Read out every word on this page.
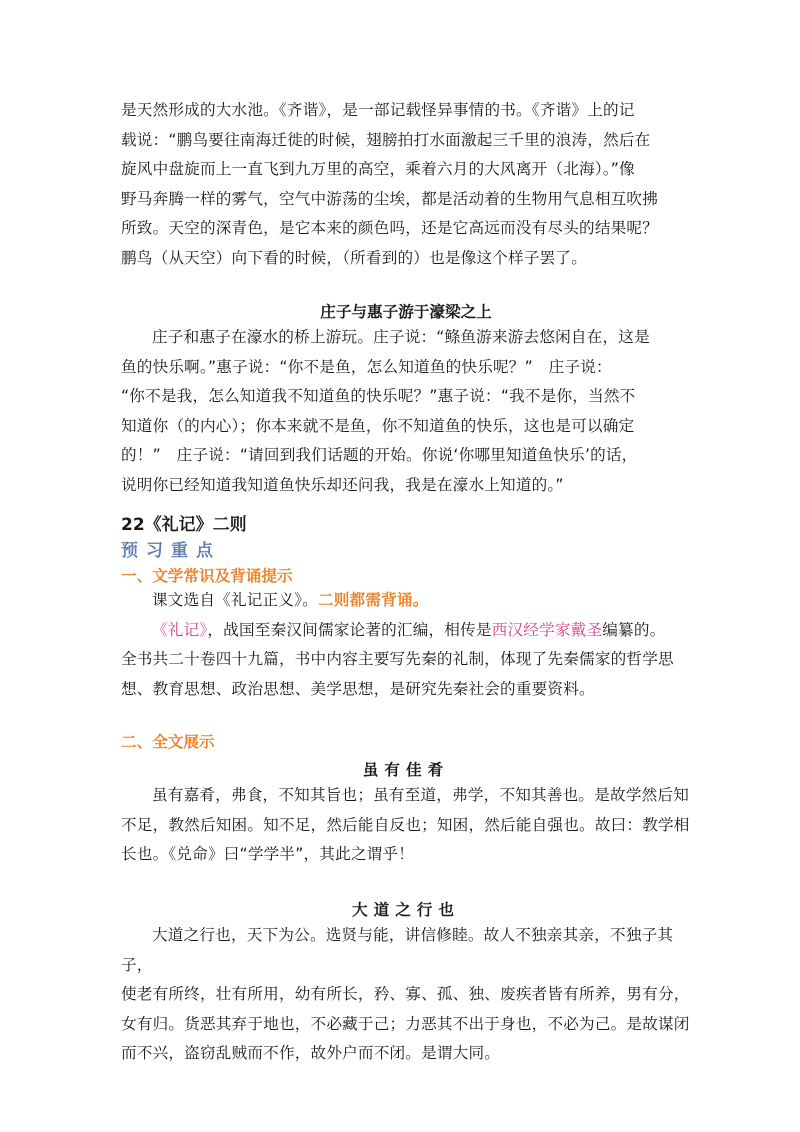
是天然形成的大水池。《齐谐》，是一部记载怪异事情的书。《齐谐》上的记

载说：“鹏鸟要往南海迁徙的时候，翅膀拍打水面激起三千里的浪涛，然后在

旋风中盘旋而上一直飞到九万里的高空，乘着六月的大风离开（北海）。”像

野马奔腾一样的雾气，空气中游荡的尘埃，都是活动着的生物用气息相互吹拂

所致。天空的深青色，是它本来的颜色吗，还是它高远而没有尽头的结果呢？

鹏鸟（从天空）向下看的时候，（所看到的）也是像这个样子罢了。

庄子与惠子游于濠梁之上

庄子和惠子在濠水的桥上游玩。庄子说：“鲦鱼游来游去悠闲自在，这是

鱼的快乐啊。”惠子说：“你不是鱼，怎么知道鱼的快乐呢？”　庄子说：

“你不是我，怎么知道我不知道鱼的快乐呢？”惠子说：“我不是你，当然不

知道你（的内心）；你本来就不是鱼，你不知道鱼的快乐，这也是可以确定

的！”　庄子说：“请回到我们话题的开始。你说‘你哪里知道鱼快乐’的话，

说明你已经知道我知道鱼快乐却还问我，我是在濠水上知道的。”

22《礼记》二则

预习重点

一、文学常识及背诵提示

课文选自《礼记正义》。二则都需背诵。

《礼记》，战国至秦汉间儒家论著的汇编，相传是西汉经学家戴圣编纂的。

全书共二十卷四十九篇，书中内容主要写先秦的礼制，体现了先秦儒家的哲学思

想、教育思想、政治思想、美学思想，是研究先秦社会的重要资料。

二、全文展示

虽有佳肴

虽有嘉肴，弗食，不知其旨也；虽有至道，弗学，不知其善也。是故学然后知

不足，教然后知困。知不足，然后能自反也；知困，然后能自强也。故曰：教学相

长也。《兑命》曰“学学半”，其此之谓乎！

大道之行也

大道之行也，天下为公。选贤与能，讲信修睦。故人不独亲其亲，不独子其子，

使老有所终，壮有所用，幼有所长，矜、寡、孤、独、废疾者皆有所养，男有分，

女有归。货恶其弃于地也，不必藏于己；力恶其不出于身也，不必为己。是故谋闭

而不兴，盗窃乱贼而不作，故外户而不闭。是谓大同。
